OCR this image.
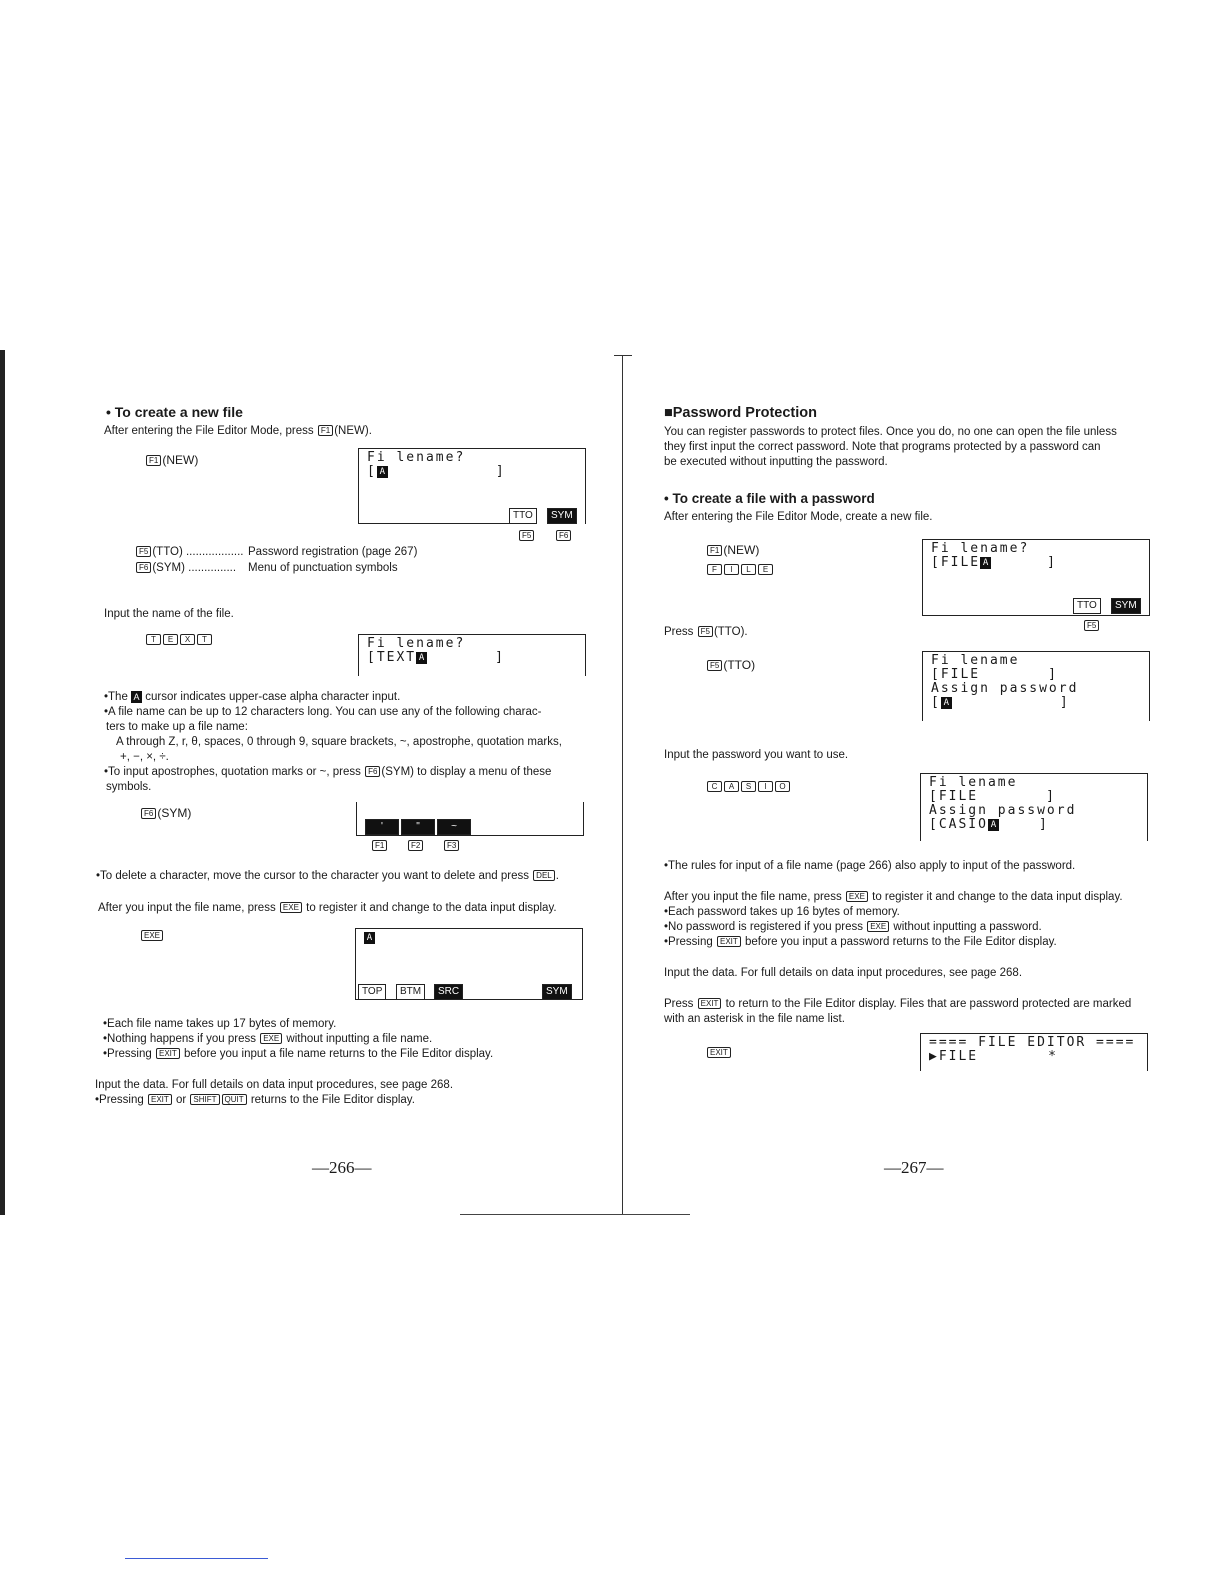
• To create a new file
After entering the File Editor Mode, press F1 (NEW).
F1 (NEW)	Fi lename?
[ A	]
TTO	SYM
F5	F6
F5 (TTO) .................. Password registration (page 267)
F6 (SYM) ............... Menu of punctuation symbols
Input the name of the file.
T E X T	Fi lename?
[TEXT A	]
•The A cursor indicates upper-case alpha character input.
•A file name can be up to 12 characters long. You can use any of the following charac-
ters to make up a file name:
A through Z, r, θ, spaces, 0 through 9, square brackets, ~, apostrophe, quotation marks,
+, −, ×, ÷.
•To input apostrophes, quotation marks or ~, press F6 (SYM) to display a menu of these
symbols.
F6 (SYM)
'	"	~
F1	F2	F3
•To delete a character, move the cursor to the character you want to delete and press DEL .
After you input the file name, press EXE to register it and change to the data input display.
EXE	A
TOP	BTM	SRC	SYM
•Each file name takes up 17 bytes of memory.
•Nothing happens if you press EXE without inputting a file name.
•Pressing EXIT before you input a file name returns to the File Editor display.
Input the data. For full details on data input procedures, see page 268.
•Pressing EXIT or SHIFT QUIT returns to the File Editor display.
—266—
■Password Protection
You can register passwords to protect files. Once you do, no one can open the file unless
they first input the correct password. Note that programs protected by a password can
be executed without inputting the password.
• To create a file with a password
After entering the File Editor Mode, create a new file.
F1 (NEW)
F I L E
Fi lename?
[FILE A	]
TTO	SYM
F5
Press F5 (TTO).
F5 (TTO)	Fi lename
[FILE	]
Assign password
[ A	]
Input the password you want to use.
C A S I O	Fi lename
[FILE	]
Assign password
[CASIO A	]
•The rules for input of a file name (page 266) also apply to input of the password.
After you input the file name, press EXE to register it and change to the data input display.
•Each password takes up 16 bytes of memory.
•No password is registered if you press EXE without inputting a password.
•Pressing EXIT before you input a password returns to the File Editor display.
Input the data. For full details on data input procedures, see page 268.
Press EXIT to return to the File Editor display. Files that are password protected are marked
with an asterisk in the file name list.
EXIT
==== FILE EDITOR ====
▶FILE	*
—267—
